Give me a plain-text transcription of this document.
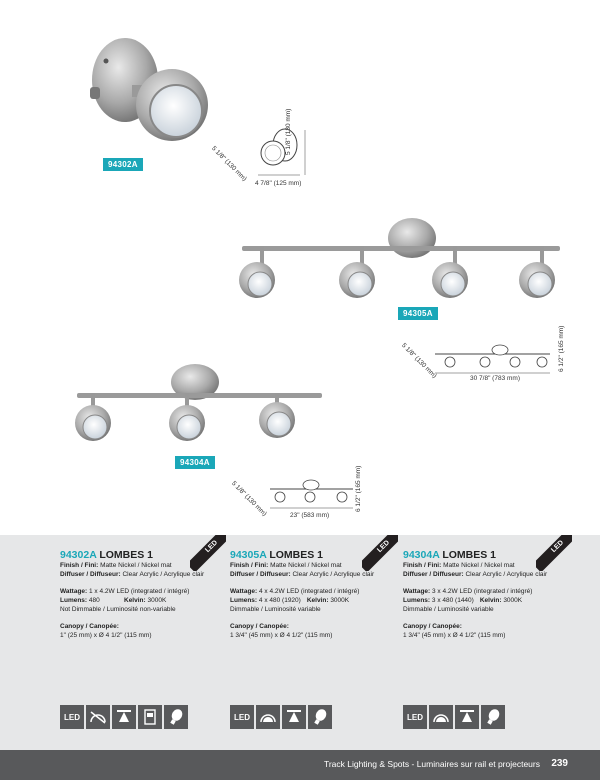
94302A
5 1/8" (130 mm)
5 1/8" (130 mm)
4 7/8" (125 mm)
94305A
6 1/2" (165 mm)
5 1/8" (130 mm)	30 7/8" (783 mm)
94304A
6 1/2" (165 mm)
5 1/8" (130 mm)	23" (583 mm)
94302A LOMBES 1
Finish / Fini: Matte Nickel / Nickel mat
Diffuser / Diffuseur: Clear Acrylic / Acrylique clair
Wattage: 1 x 4.2W LED (integrated / intégré)
Lumens: 480	Kelvin: 3000K
Not Dimmable / Luminosité non-variable
Canopy / Canopée:
1" (25 mm) x Ø 4 1/2" (115 mm)
LED
LED
94305A LOMBES 1
Finish / Fini: Matte Nickel / Nickel mat
Diffuser / Diffuseur: Clear Acrylic / Acrylique clair
Wattage: 4 x 4.2W LED (integrated / intégré)
Lumens: 4 x 480 (1920) Kelvin: 3000K
Dimmable / Luminosité variable
Canopy / Canopée:
1 3/4" (45 mm) x Ø 4 1/2" (115 mm)
LED
LED
94304A LOMBES 1
Finish / Fini: Matte Nickel / Nickel mat
Diffuser / Diffuseur: Clear Acrylic / Acrylique clair
Wattage: 3 x 4.2W LED (integrated / intégré)
Lumens: 3 x 480 (1440) Kelvin: 3000K
Dimmable / Luminosité variable
Canopy / Canopée:
1 3/4" (45 mm) x Ø 4 1/2" (115 mm)
LED
LED
Track Lighting & Spots - Luminaires sur rail et projecteurs 239
